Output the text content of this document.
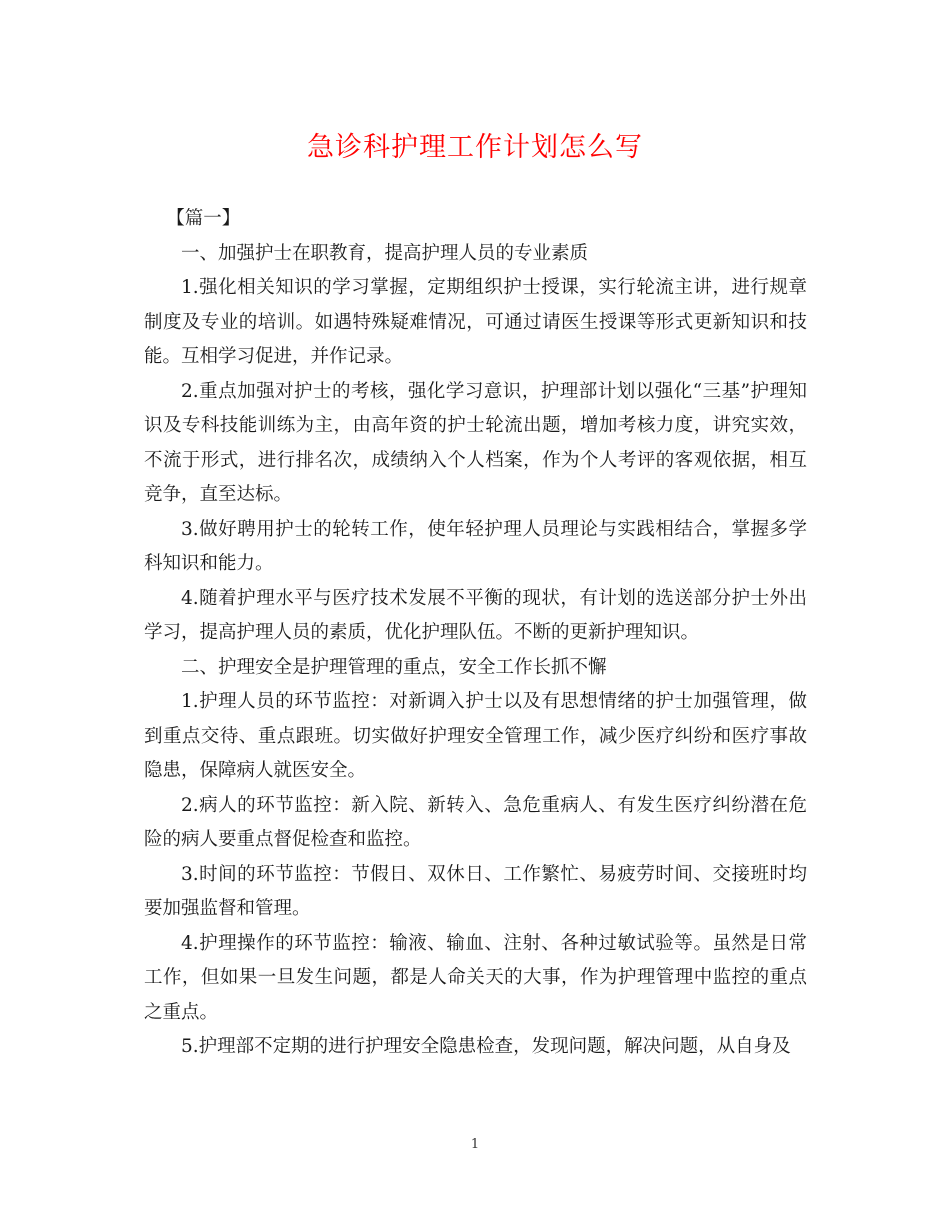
急诊科护理工作计划怎么写

【篇一】

一、加强护士在职教育，提高护理人员的专业素质

1.强化相关知识的学习掌握，定期组织护士授课，实行轮流主讲，进行规章制度及专业的培训。如遇特殊疑难情况，可通过请医生授课等形式更新知识和技能。互相学习促进，并作记录。

2.重点加强对护士的考核，强化学习意识，护理部计划以强化“三基”护理知识及专科技能训练为主，由高年资的护士轮流出题，增加考核力度，讲究实效，不流于形式，进行排名次，成绩纳入个人档案，作为个人考评的客观依据，相互竞争，直至达标。

3.做好聘用护士的轮转工作，使年轻护理人员理论与实践相结合，掌握多学科知识和能力。

4.随着护理水平与医疗技术发展不平衡的现状，有计划的选送部分护士外出学习，提高护理人员的素质，优化护理队伍。不断的更新护理知识。

二、护理安全是护理管理的重点，安全工作长抓不懈

1.护理人员的环节监控：对新调入护士以及有思想情绪的护士加强管理，做到重点交待、重点跟班。切实做好护理安全管理工作，减少医疗纠纷和医疗事故隐患，保障病人就医安全。

2.病人的环节监控：新入院、新转入、急危重病人、有发生医疗纠纷潜在危险的病人要重点督促检查和监控。

3.时间的环节监控：节假日、双休日、工作繁忙、易疲劳时间、交接班时均要加强监督和管理。

4.护理操作的环节监控：输液、输血、注射、各种过敏试验等。虽然是日常工作，但如果一旦发生问题，都是人命关天的大事，作为护理管理中监控的重点之重点。

5.护理部不定期的进行护理安全隐患检查，发现问题，解决问题，从自身及

1
